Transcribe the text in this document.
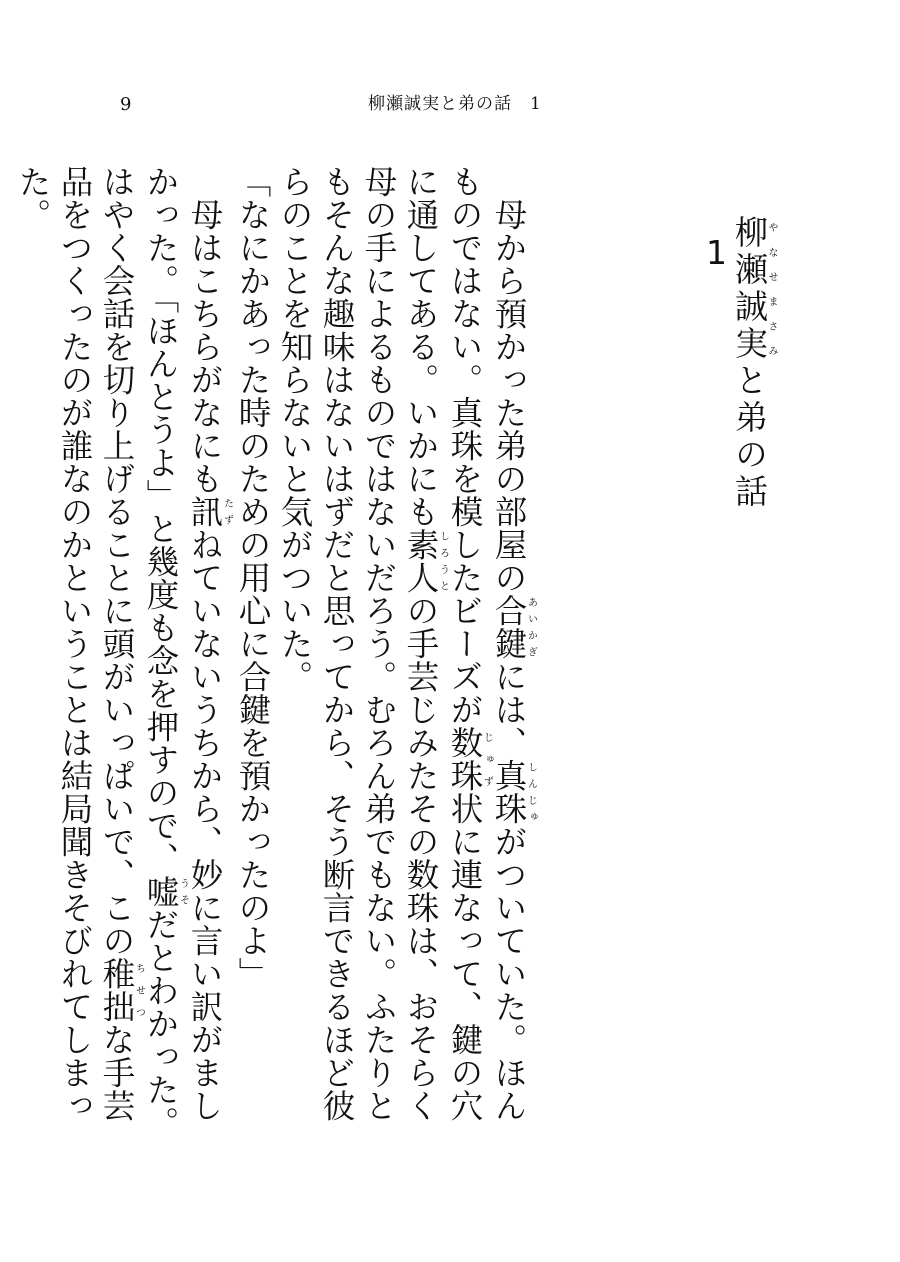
9	柳瀬誠実と弟の話　1
柳瀬やなせ誠実まさみと弟の話1

母から預かった弟の部屋の合鍵あいかぎには、真珠しんじゅがついていた。ほんものではない。真珠を模したビーズが数珠じゅず状に連なって、鍵の穴に通してある。いかにも素人しろうとの手芸じみたその数珠は、おそらく母の手によるものではないだろう。むろん弟でもない。ふたりともそんな趣味はないはずだと思ってから、そう断言できるほど彼らのことを知らないと気がついた。

「なにかあった時のための用心に合鍵を預かったのよ」

母はこちらがなにも訊たずねていないうちから、妙に言い訳がましかった。「ほんとうよ」と幾度も念を押すので、嘘うそだとわかった。はやく会話を切り上げることに頭がいっぱいで、この稚拙ちせつな手芸品をつくったのが誰なのかということは結局聞きそびれてしまった。
